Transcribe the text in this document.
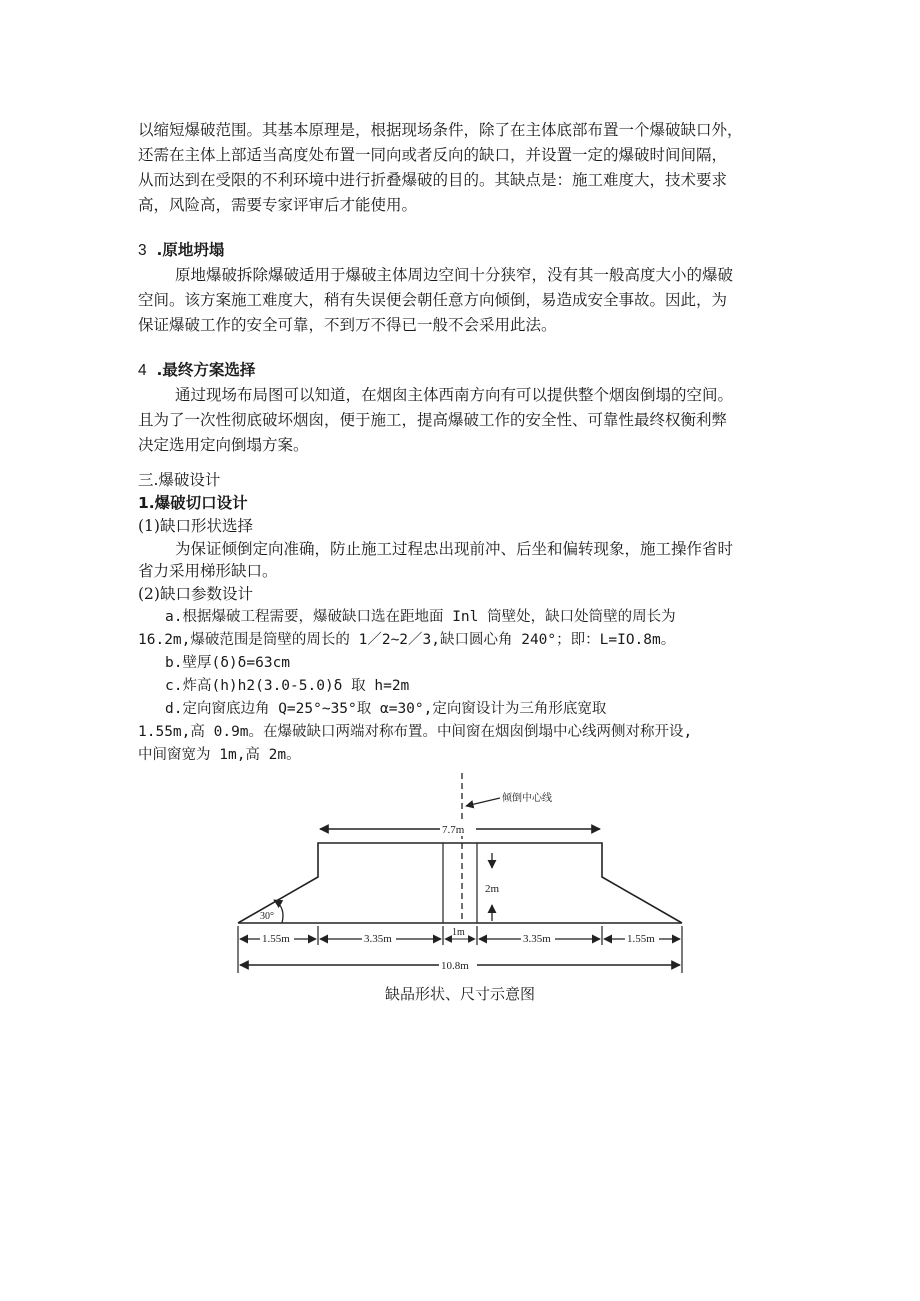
以缩短爆破范围。其基本原理是，根据现场条件，除了在主体底部布置一个爆破缺口外，

还需在主体上部适当高度处布置一同向或者反向的缺口，并设置一定的爆破时间间隔，

从而达到在受限的不利环境中进行折叠爆破的目的。其缺点是：施工难度大，技术要求

高，风险高，需要专家评审后才能使用。

3 .原地坍塌

原地爆破拆除爆破适用于爆破主体周边空间十分狭窄，没有其一般高度大小的爆破

空间。该方案施工难度大，稍有失误便会朝任意方向倾倒，易造成安全事故。因此，为

保证爆破工作的安全可靠，不到万不得已一般不会采用此法。

4 .最终方案选择

通过现场布局图可以知道，在烟囱主体西南方向有可以提供整个烟囱倒塌的空间。

且为了一次性彻底破坏烟囱，便于施工，提高爆破工作的安全性、可靠性最终权衡利弊

决定选用定向倒塌方案。

三.爆破设计

1.爆破切口设计

(1)缺口形状选择

为保证倾倒定向准确，防止施工过程忠出现前冲、后坐和偏转现象，施工操作省时

省力采用梯形缺口。

(2)缺口参数设计

a.根据爆破工程需要，爆破缺口选在距地面 Inl 筒壁处，缺口处筒壁的周长为

16.2m,爆破范围是筒壁的周长的 1／2~2／3,缺口圆心角 240°；即：L=IO.8m。

b.壁厚(δ)δ=63cm

c.炸高(h)h2(3.0-5.0)δ 取 h=2m

d.定向窗底边角 Q=25°~35°取 α=30°,定向窗设计为三角形底宽取

1.55m,高 0.9m。在爆破缺口两端对称布置。中间窗在烟囱倒塌中心线两侧对称开设,

中间窗宽为 1m,高 2m。

倾倒中心线
7.7m
2m
30°
1.55m	3.35m
1m
3.35m	1.55m
10.8m
缺品形状、尺寸示意图
